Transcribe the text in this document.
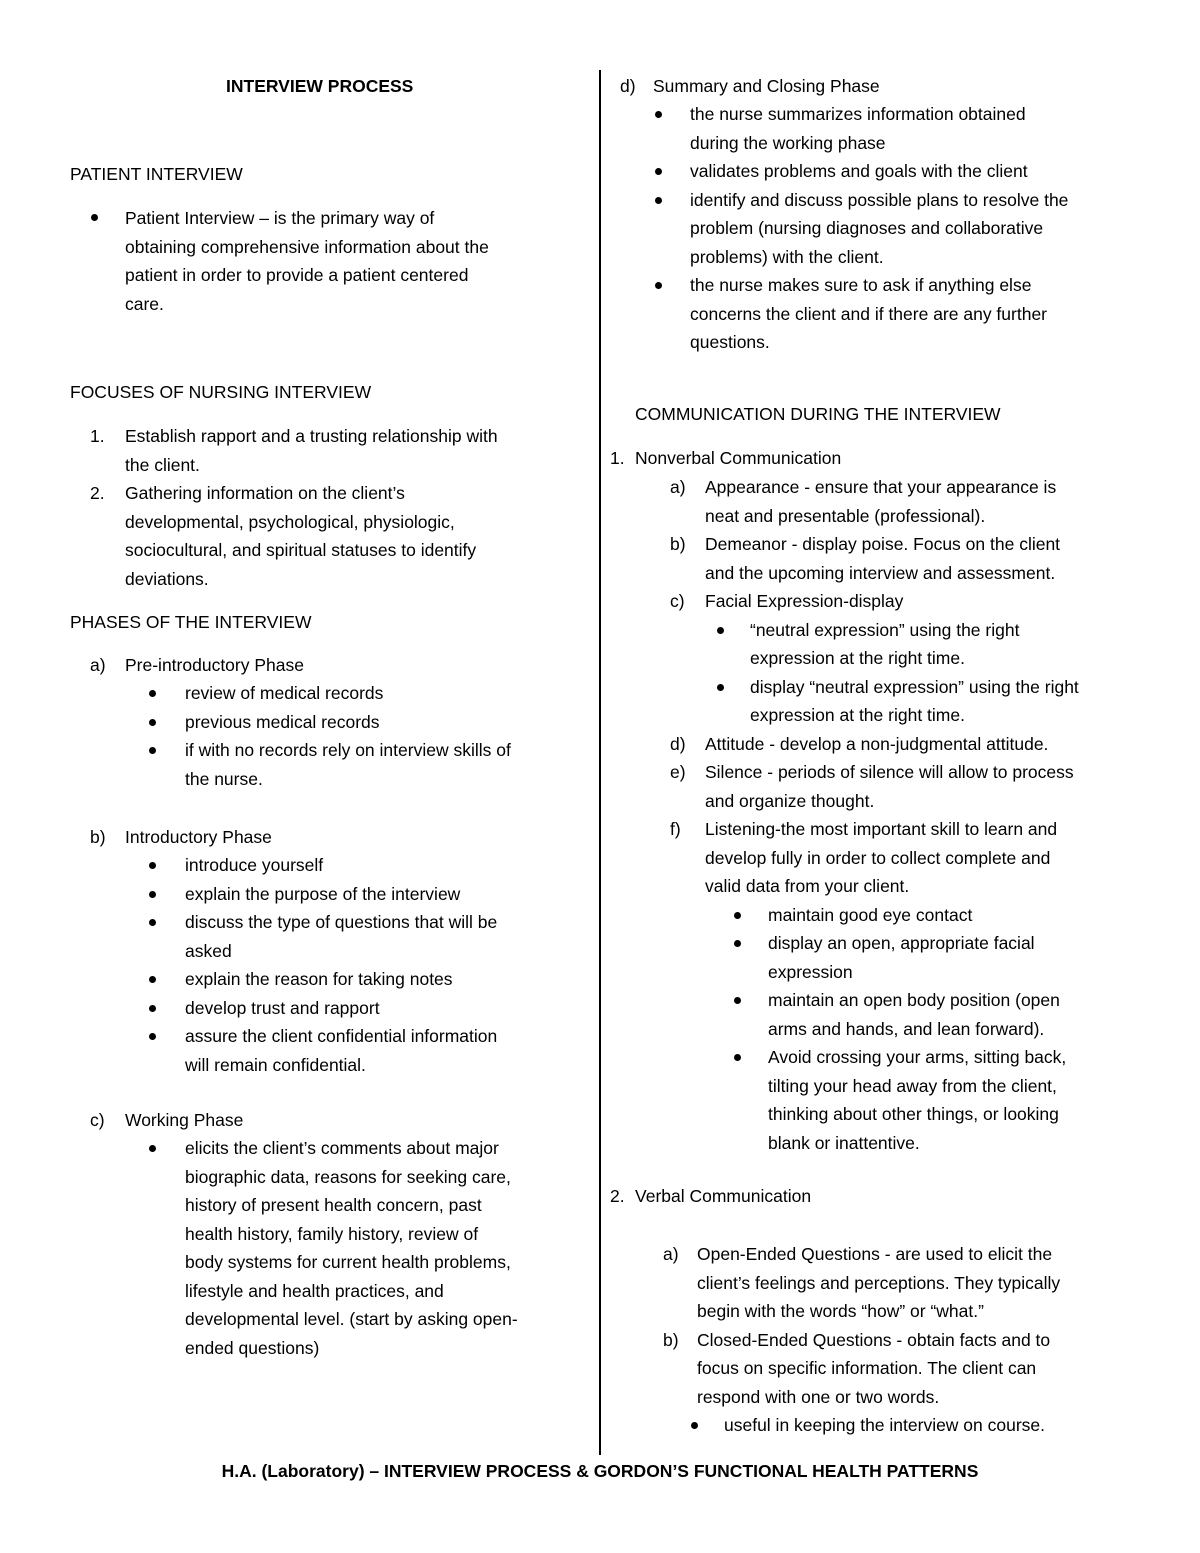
INTERVIEW PROCESS
PATIENT INTERVIEW
Patient Interview – is the primary way of
obtaining comprehensive information about the
patient in order to provide a patient centered
care.
FOCUSES OF NURSING INTERVIEW
1. Establish rapport and a trusting relationship with
the client.
2. Gathering information on the client’s
developmental, psychological, physiologic,
sociocultural, and spiritual statuses to identify
deviations.
PHASES OF THE INTERVIEW
a) Pre-introductory Phase
review of medical records
previous medical records
if with no records rely on interview skills of
the nurse.
b) Introductory Phase
introduce yourself
explain the purpose of the interview
discuss the type of questions that will be
asked
explain the reason for taking notes
develop trust and rapport
assure the client confidential information
will remain confidential.
c) Working Phase
elicits the client’s comments about major
biographic data, reasons for seeking care,
history of present health concern, past
health history, family history, review of
body systems for current health problems,
lifestyle and health practices, and
developmental level. (start by asking open-
ended questions)
d) Summary and Closing Phase
the nurse summarizes information obtained
during the working phase
validates problems and goals with the client
identify and discuss possible plans to resolve the
problem (nursing diagnoses and collaborative
problems) with the client.
the nurse makes sure to ask if anything else
concerns the client and if there are any further
questions.
COMMUNICATION DURING THE INTERVIEW
1. Nonverbal Communication
a) Appearance - ensure that your appearance is
neat and presentable (professional).
b) Demeanor - display poise. Focus on the client
and the upcoming interview and assessment.
c) Facial Expression-display
“neutral expression” using the right
expression at the right time.
display “neutral expression” using the right
expression at the right time.
d) Attitude - develop a non-judgmental attitude.
e) Silence - periods of silence will allow to process
and organize thought.
f) Listening-the most important skill to learn and
develop fully in order to collect complete and
valid data from your client.
maintain good eye contact
display an open, appropriate facial
expression
maintain an open body position (open
arms and hands, and lean forward).
Avoid crossing your arms, sitting back,
tilting your head away from the client,
thinking about other things, or looking
blank or inattentive.
2. Verbal Communication
a) Open-Ended Questions - are used to elicit the
client’s feelings and perceptions. They typically
begin with the words “how” or “what.”
b) Closed-Ended Questions - obtain facts and to
focus on specific information. The client can
respond with one or two words.
useful in keeping the interview on course.
H.A. (Laboratory) – INTERVIEW PROCESS & GORDON’S FUNCTIONAL HEALTH PATTERNS
